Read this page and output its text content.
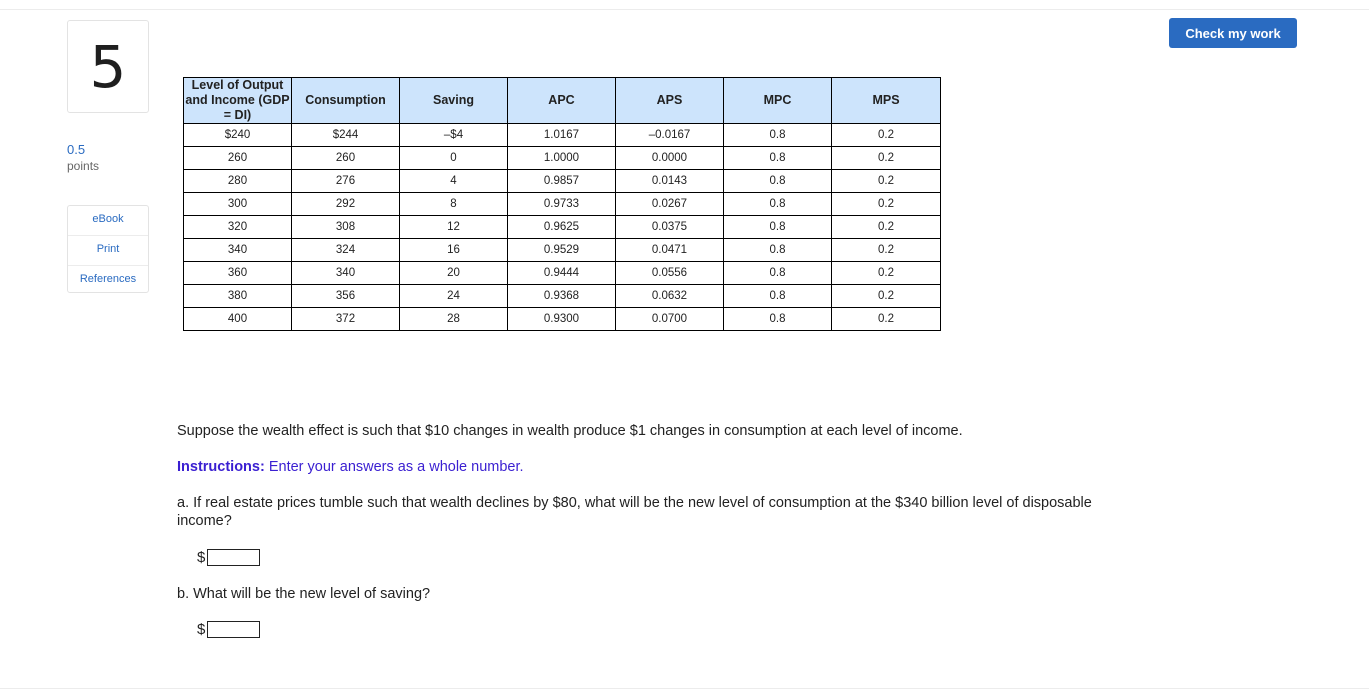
Check my work
5
0.5
points
eBook
Print
References
Level of Output and Income (GDP = DI)	Consumption	Saving	APC	APS	MPC	MPS
$240	$244	–$4	1.0167	–0.0167	0.8	0.2
260	260	0	1.0000	0.0000	0.8	0.2
280	276	4	0.9857	0.0143	0.8	0.2
300	292	8	0.9733	0.0267	0.8	0.2
320	308	12	0.9625	0.0375	0.8	0.2
340	324	16	0.9529	0.0471	0.8	0.2
360	340	20	0.9444	0.0556	0.8	0.2
380	356	24	0.9368	0.0632	0.8	0.2
400	372	28	0.9300	0.0700	0.8	0.2
Suppose the wealth effect is such that $10 changes in wealth produce $1 changes in consumption at each level of income.
Instructions: Enter your answers as a whole number.
a. If real estate prices tumble such that wealth declines by $80, what will be the new level of consumption at the $340 billion level of disposable income?
$
b. What will be the new level of saving?
$
